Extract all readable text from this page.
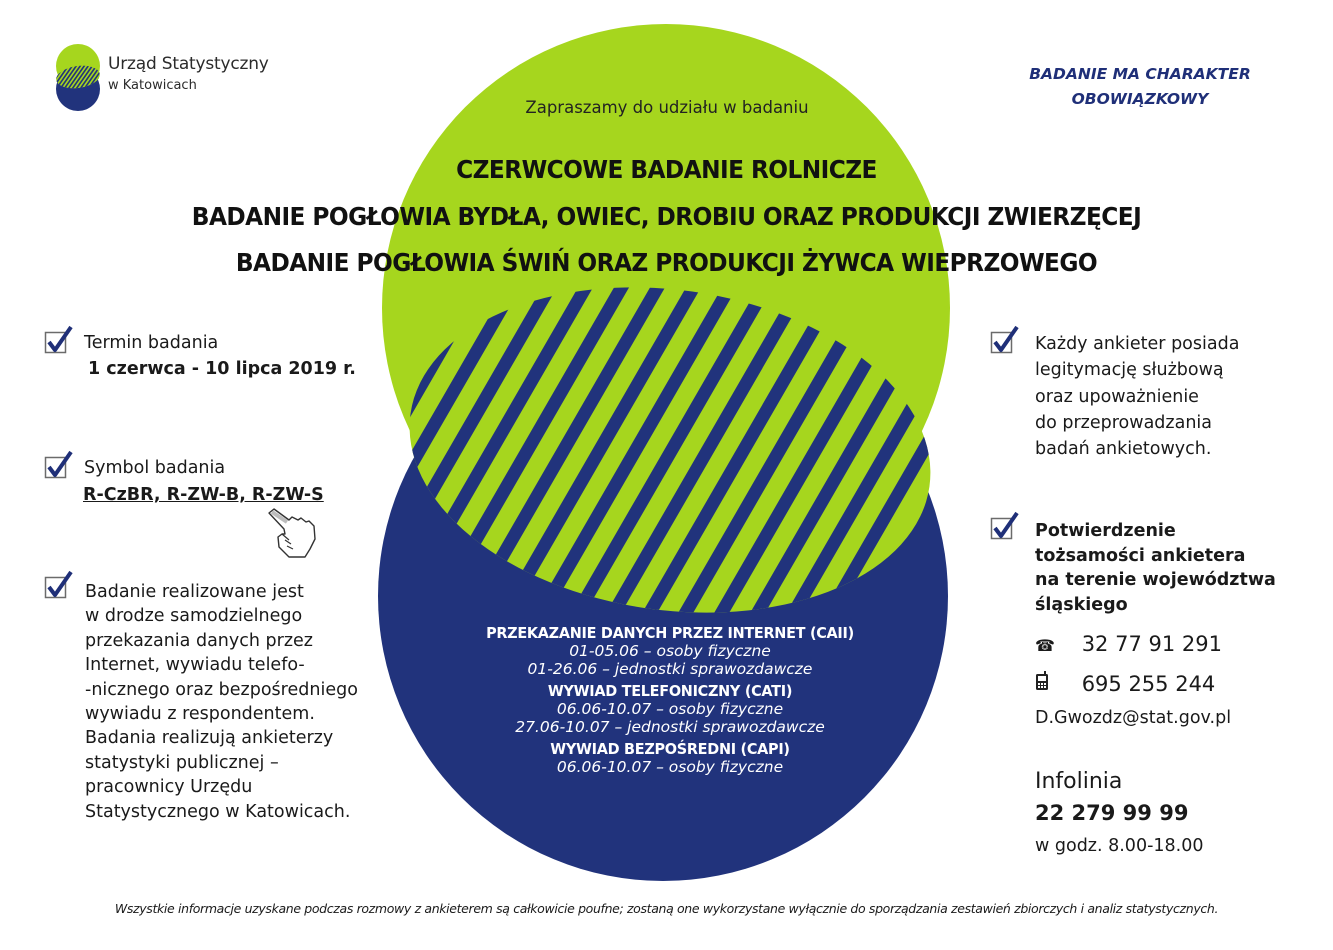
Urząd Statystyczny
w Katowicach
BADANIE MA CHARAKTER
OBOWIĄZKOWY
Zapraszamy do udziału w badaniu
CZERWCOWE BADANIE ROLNICZE
BADANIE POGŁOWIA BYDŁA, OWIEC, DROBIU ORAZ PRODUKCJI ZWIERZĘCEJ
BADANIE POGŁOWIA ŚWIŃ ORAZ PRODUKCJI ŻYWCA WIEPRZOWEGO
Termin badania
1 czerwca - 10 lipca 2019 r.
Symbol badania
R-CzBR, R-ZW-B, R-ZW-S
Badanie realizowane jest
w drodze samodzielnego
przekazania danych przez
Internet, wywiadu telefo-
-nicznego oraz bezpośredniego
wywiadu z respondentem.
Badania realizują ankieterzy
statystyki publicznej –
pracownicy Urzędu
Statystycznego w Katowicach.
PRZEKAZANIE DANYCH PRZEZ INTERNET (CAII)
01-05.06 – osoby fizyczne
01-26.06 – jednostki sprawozdawcze
WYWIAD TELEFONICZNY (CATI)
06.06-10.07 – osoby fizyczne
27.06-10.07 – jednostki sprawozdawcze
WYWIAD BEZPOŚREDNI (CAPI)
06.06-10.07 – osoby fizyczne
Każdy ankieter posiada
legitymację służbową
oraz upoważnienie
do przeprowadzania
badań ankietowych.
Potwierdzenie
tożsamości ankietera
na terenie województwa
śląskiego
☎ 32 77 91 291
695 255 244
D.Gwozdz@stat.gov.pl
Infolinia
22 279 99 99
w godz. 8.00-18.00
Wszystkie informacje uzyskane podczas rozmowy z ankieterem są całkowicie poufne; zostaną one wykorzystane wyłącznie do sporządzania zestawień zbiorczych i analiz statystycznych.
